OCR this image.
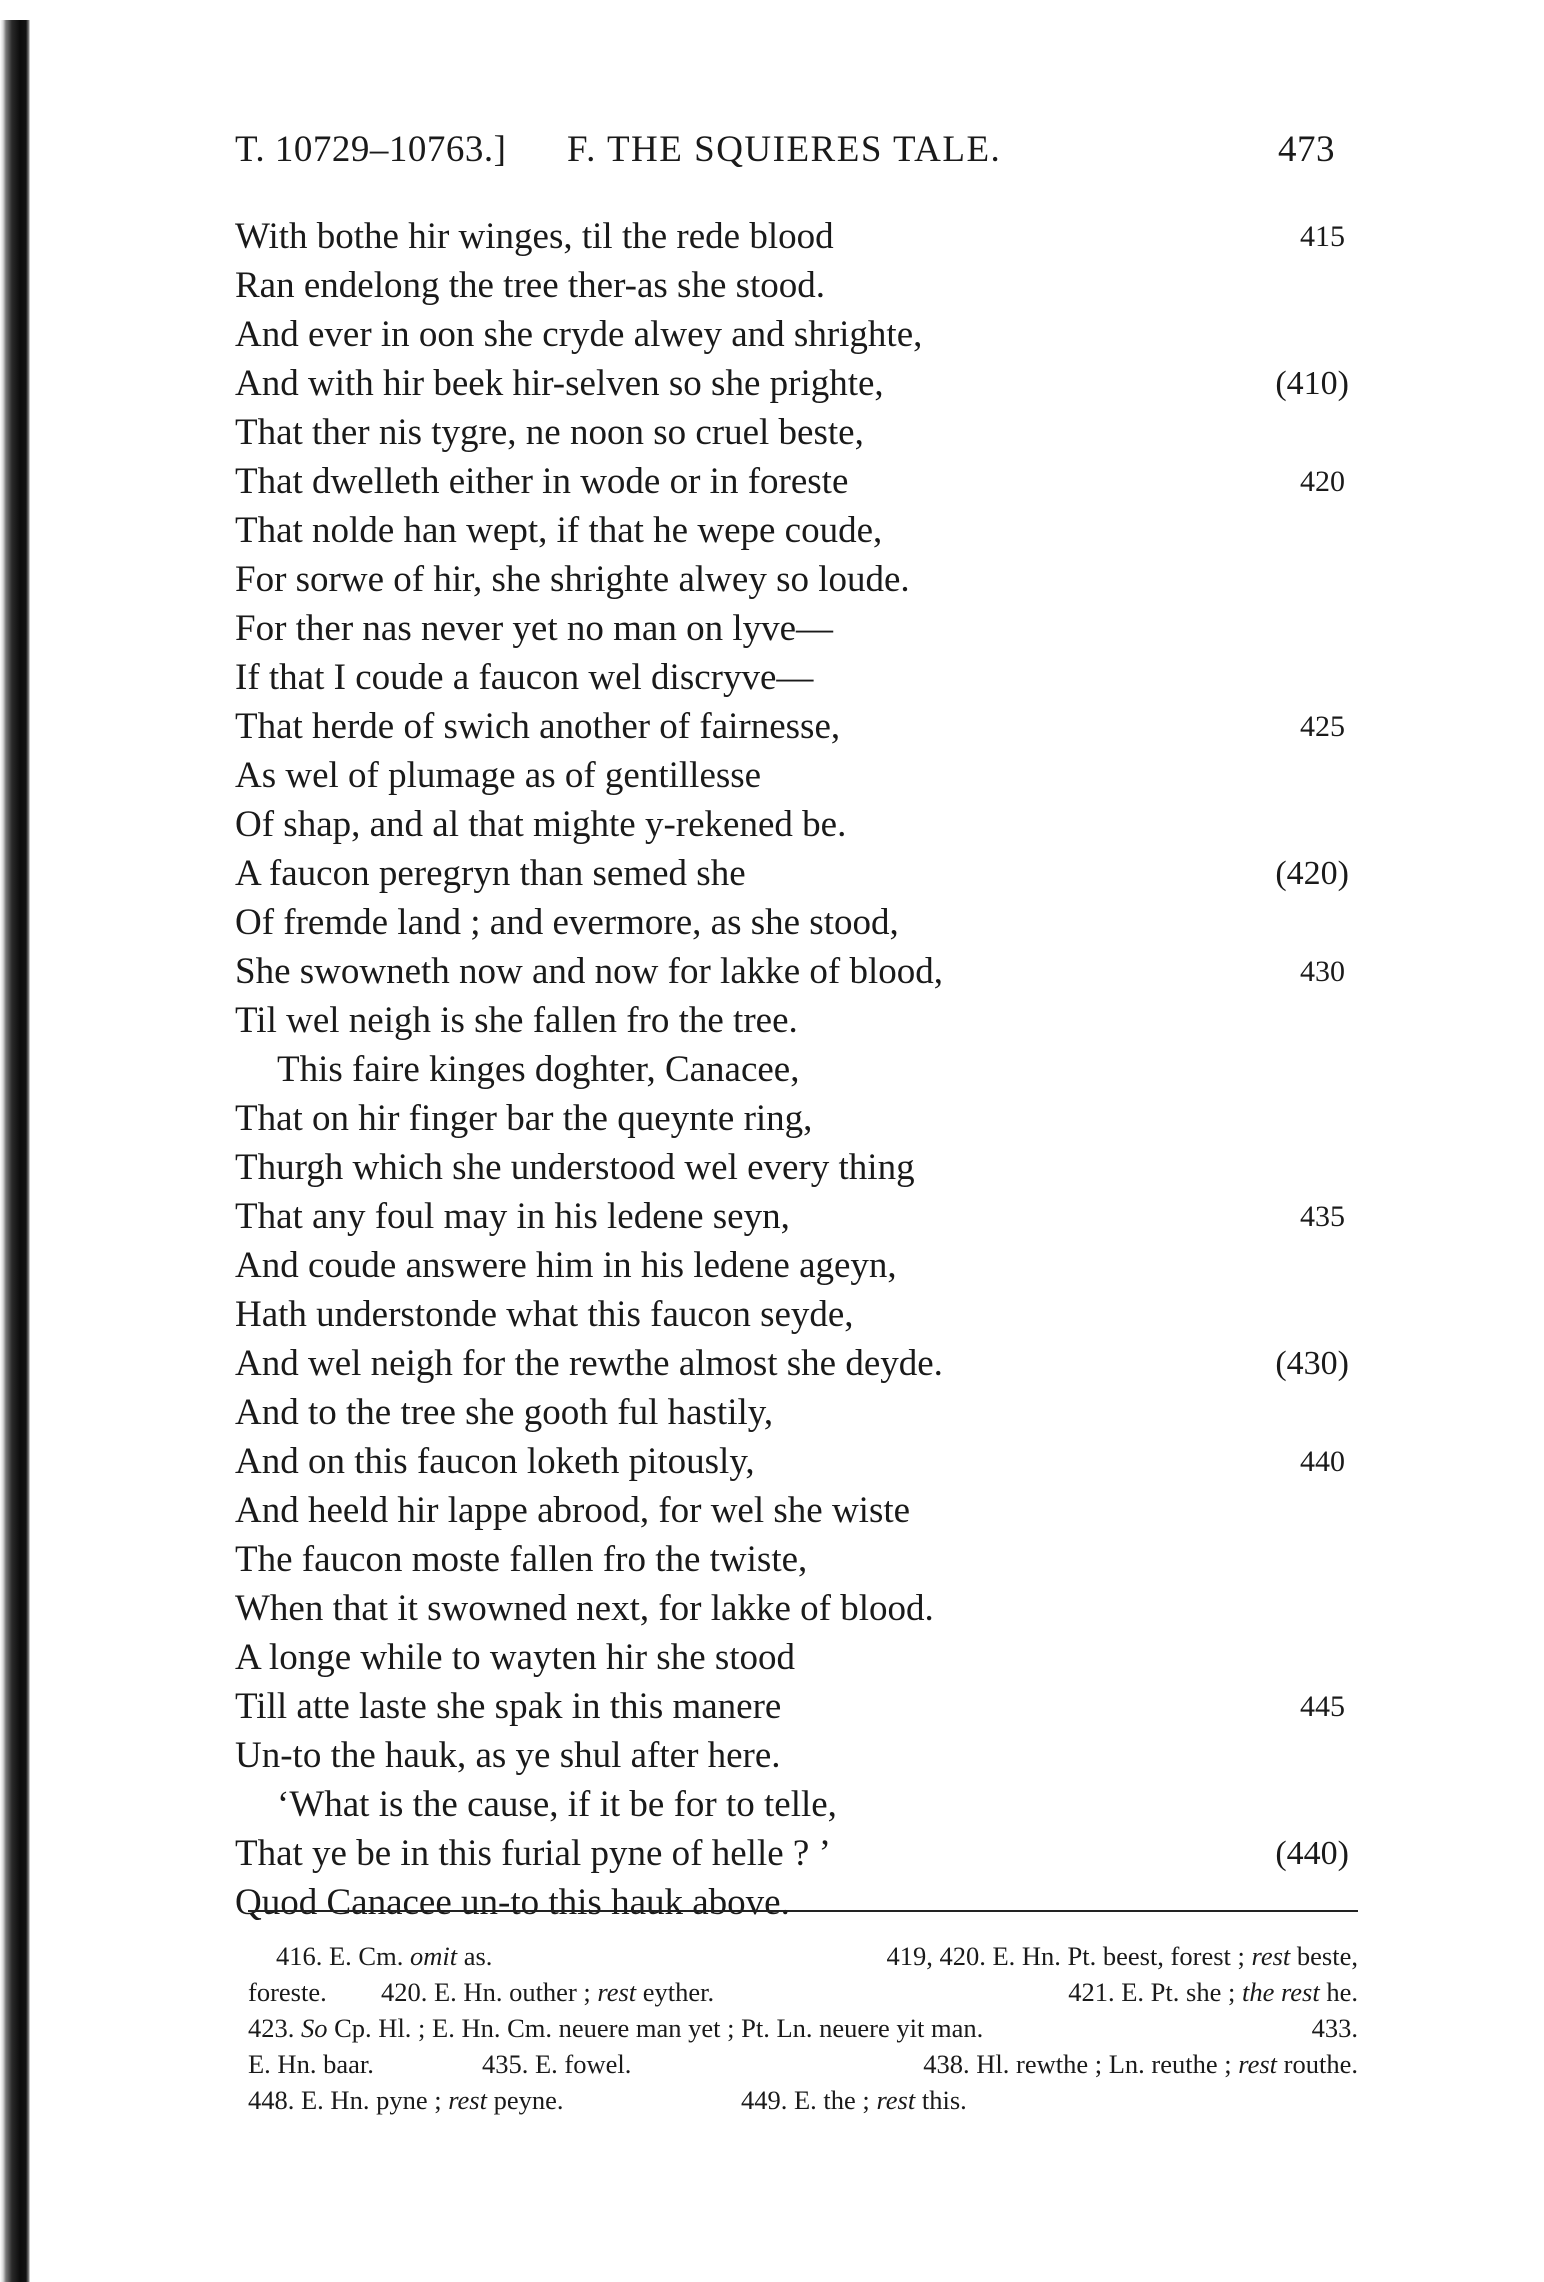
T. 10729–10763.] F. THE SQUIERES TALE.	473
With bothe hir winges, til the rede blood	415
Ran endelong the tree ther-as she stood.
And ever in oon she cryde alwey and shrighte,
And with hir beek hir-selven so she prighte,	(410)
That ther nis tygre, ne noon so cruel beste,
That dwelleth either in wode or in foreste	420
That nolde han wept, if that he wepe coude,
For sorwe of hir, she shrighte alwey so loude.
For ther nas never yet no man on lyve—
If that I coude a faucon wel discryve—
That herde of swich another of fairnesse,	425
As wel of plumage as of gentillesse
Of shap, and al that mighte y-rekened be.
A faucon peregryn than semed she	(420)
Of fremde land ; and evermore, as she stood,
She swowneth now and now for lakke of blood,	430
Til wel neigh is she fallen fro the tree.
This faire kinges doghter, Canacee,
That on hir finger bar the queynte ring,
Thurgh which she understood wel every thing
That any foul may in his ledene seyn,	435
And coude answere him in his ledene ageyn,
Hath understonde what this faucon seyde,
And wel neigh for the rewthe almost she deyde.	(430)
And to the tree she gooth ful hastily,
And on this faucon loketh pitously,	440
And heeld hir lappe abrood, for wel she wiste
The faucon moste fallen fro the twiste,
When that it swowned next, for lakke of blood.
A longe while to wayten hir she stood
Till atte laste she spak in this manere	445
Un-to the hauk, as ye shul after here.
‘What is the cause, if it be for to telle,
That ye be in this furial pyne of helle ? ’	(440)
Quod Canacee un-to this hauk above.
416. E. Cm. omit as.	419, 420. E. Hn. Pt. beest, forest ; rest beste,
foreste. 420. E. Hn. outher ; rest eyther.	421. E. Pt. she ; the rest he.
423. So Cp. Hl. ; E. Hn. Cm. neuere man yet ; Pt. Ln. neuere yit man.	433.
E. Hn. baar.	435. E. fowel.	438. Hl. rewthe ; Ln. reuthe ; rest routhe.
448. E. Hn. pyne ; rest peyne.	449. E. the ; rest this.
